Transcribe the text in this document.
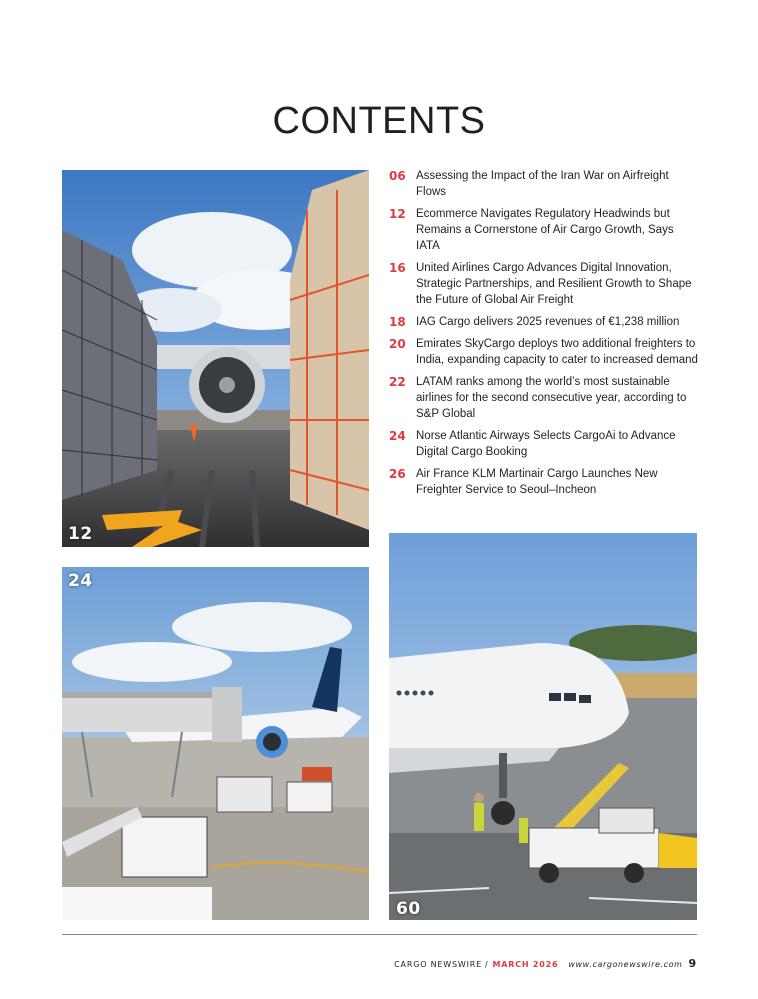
CONTENTS
12
24
60
06 Assessing the Impact of the Iran War on Airfreight Flows
12 Ecommerce Navigates Regulatory Headwinds but Remains a Cornerstone of Air Cargo Growth, Says IATA
16 United Airlines Cargo Advances Digital Innovation, Strategic Partnerships, and Resilient Growth to Shape the Future of Global Air Freight
18 IAG Cargo delivers 2025 revenues of €1,238 million
20 Emirates SkyCargo deploys two additional freighters to India, expanding capacity to cater to increased demand
22 LATAM ranks among the world’s most sustainable airlines for the second consecutive year, according to S&P Global
24 Norse Atlantic Airways Selects CargoAi to Advance Digital Cargo Booking
26 Air France KLM Martinair Cargo Launches New Freighter Service to Seoul–Incheon
CARGO NEWSWIRE / MARCH 2026 www.cargonewswire.com 9
